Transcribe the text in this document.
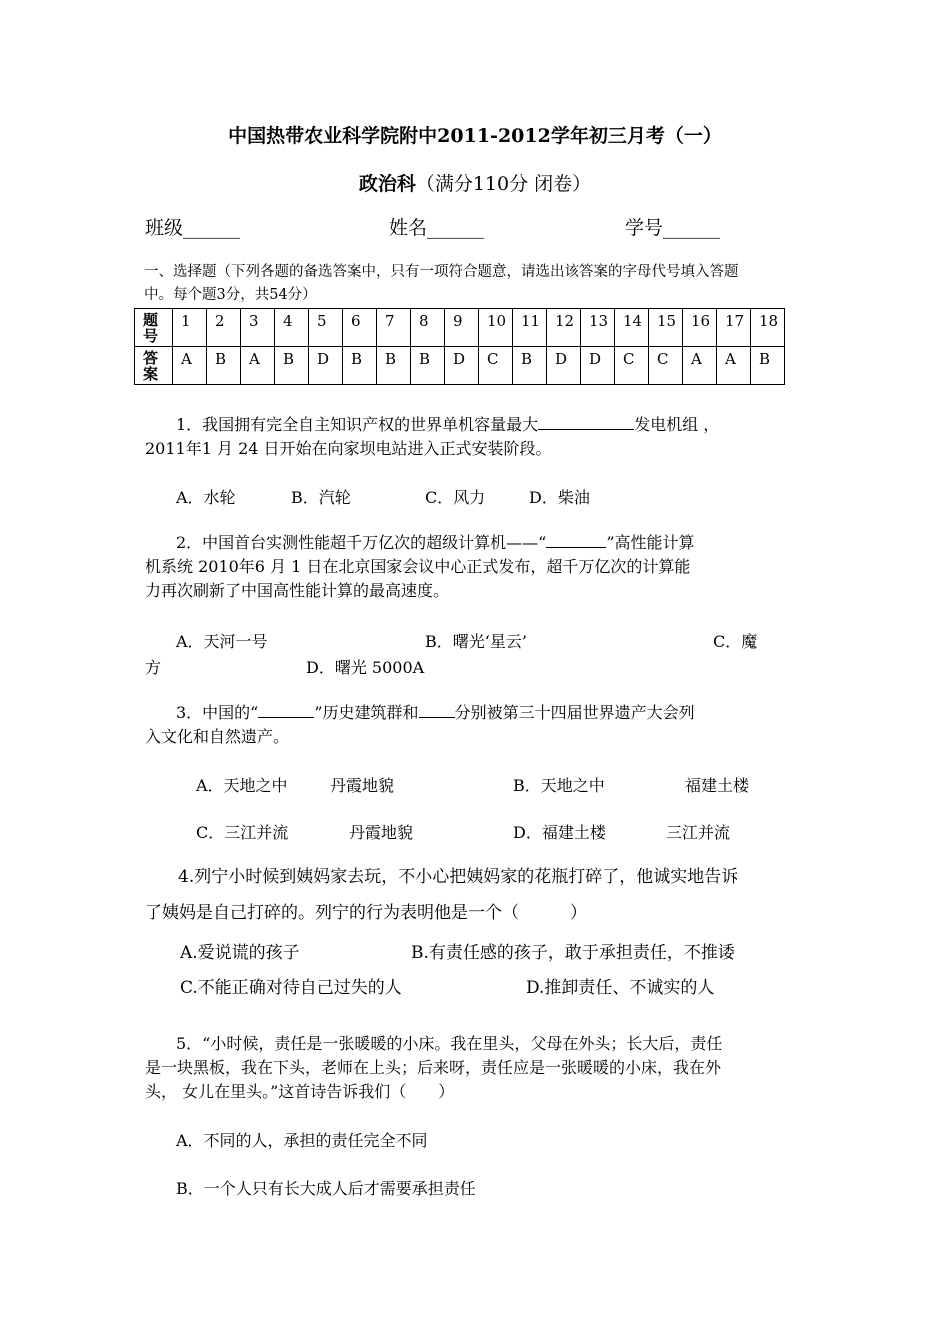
中国热带农业科学院附中2011-2012学年初三月考（一）
政治科（满分110分 闭卷）
班级______	姓名______	学号______
一、选择题（下列各题的备选答案中，只有一项符合题意，请选出该答案的字母代号填入答题
中。每个题3分，共54分）
题号	1	2	3	4	5	6	7	8	9	10	11	12	13	14	15	16	17	18
答案	A	B	A	B	D	B	B	B	D	C	B	D	D	C	C	A	A	B
1．我国拥有完全自主知识产权的世界单机容量最大	发电机组 ，
2011年1 月 24 日开始在向家坝电站进入正式安装阶段。
A．水轮	B．汽轮	C．风力	D．柴油
2．中国首台实测性能超千万亿次的超级计算机——“	”高性能计算
机系统 2010年6 月 1 日在北京国家会议中心正式发布，超千万亿次的计算能
力再次刷新了中国高性能计算的最高速度。
A．天河一号	B．曙光‘星云’	C．魔
方	D．曙光 5000A
3．中国的“	”历史建筑群和 分别被第三十四届世界遗产大会列
入文化和自然遗产。
A．天地之中	丹霞地貌	B．天地之中	福建土楼
C．三江并流	丹霞地貌	D．福建土楼	三江并流
4.列宁小时候到姨妈家去玩，不小心把姨妈家的花瓶打碎了，他诚实地告诉
了姨妈是自己打碎的。列宁的行为表明他是一个（　　　）
A.爱说谎的孩子	B.有责任感的孩子，敢于承担责任，不推诿
C.不能正确对待自己过失的人	D.推卸责任、不诚实的人
5．“小时候，责任是一张暖暖的小床。我在里头，父母在外头；长大后，责任
是一块黑板，我在下头，老师在上头；后来呀，责任应是一张暖暖的小床，我在外
头， 女儿在里头。”这首诗告诉我们（　　）
A．不同的人，承担的责任完全不同
B．一个人只有长大成人后才需要承担责任
